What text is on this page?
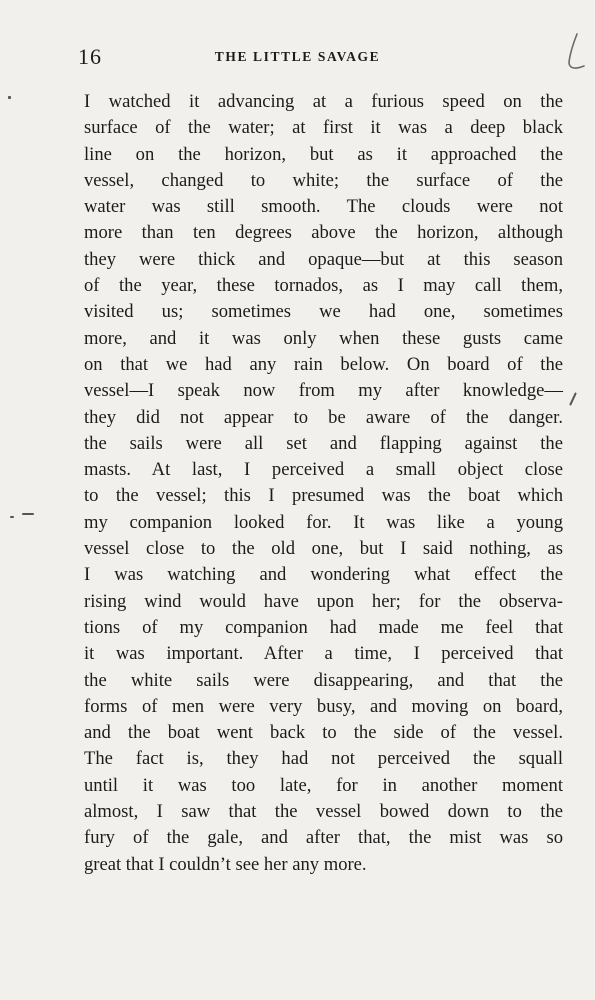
16	THE LITTLE SAVAGE
I watched it advancing at a furious speed on the
surface of the water; at first it was a deep black
line on the horizon, but as it approached the
vessel, changed to white; the surface of the
water was still smooth. The clouds were not
more than ten degrees above the horizon, although
they were thick and opaque—but at this season
of the year, these tornados, as I may call them,
visited us; sometimes we had one, sometimes
more, and it was only when these gusts came
on that we had any rain below. On board of the
vessel—I speak now from my after knowledge—
they did not appear to be aware of the danger.
the sails were all set and flapping against the
masts. At last, I perceived a small object close
to the vessel; this I presumed was the boat which
my companion looked for. It was like a young
vessel close to the old one, but I said nothing, as
I was watching and wondering what effect the
rising wind would have upon her; for the observa-
tions of my companion had made me feel that
it was important. After a time, I perceived that
the white sails were disappearing, and that the
forms of men were very busy, and moving on board,
and the boat went back to the side of the vessel.
The fact is, they had not perceived the squall
until it was too late, for in another moment
almost, I saw that the vessel bowed down to the
fury of the gale, and after that, the mist was so
great that I couldn’t see her any more.
